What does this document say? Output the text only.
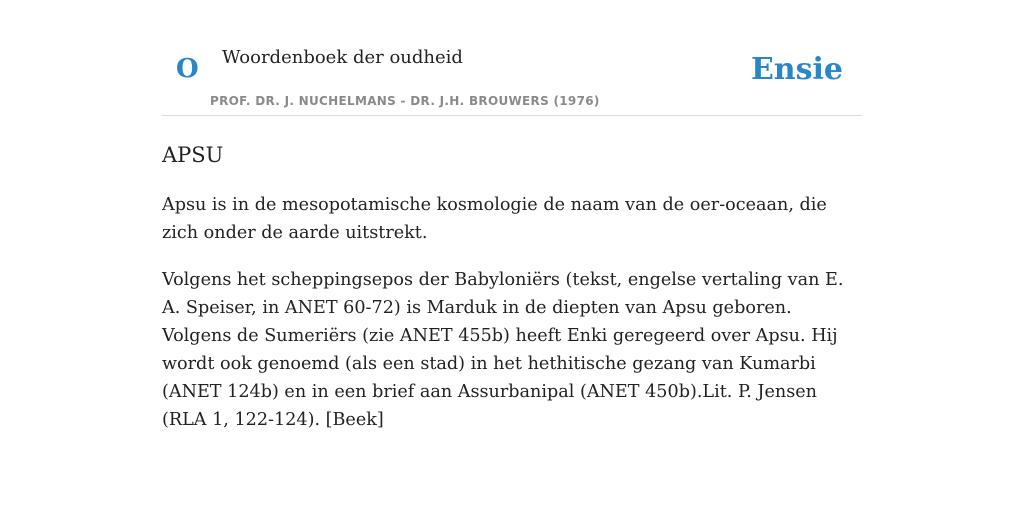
O Woordenboek der oudheid
PROF. DR. J. NUCHELMANS - DR. J.H. BROUWERS (1976)
Ensie
APSU

Apsu is in de mesopotamische kosmologie de naam van de oer-oceaan, die zich onder de aarde uitstrekt.

Volgens het scheppingsepos der Babyloniërs (tekst, engelse vertaling van E. A. Speiser, in ANET 60-72) is Marduk in de diepten van Apsu geboren. Volgens de Sumeriërs (zie ANET 455b) heeft Enki geregeerd over Apsu. Hij wordt ook genoemd (als een stad) in het hethitische gezang van Kumarbi (ANET 124b) en in een brief aan Assurbanipal (ANET 450b).Lit. P. Jensen (RLA 1, 122-124). [Beek]
